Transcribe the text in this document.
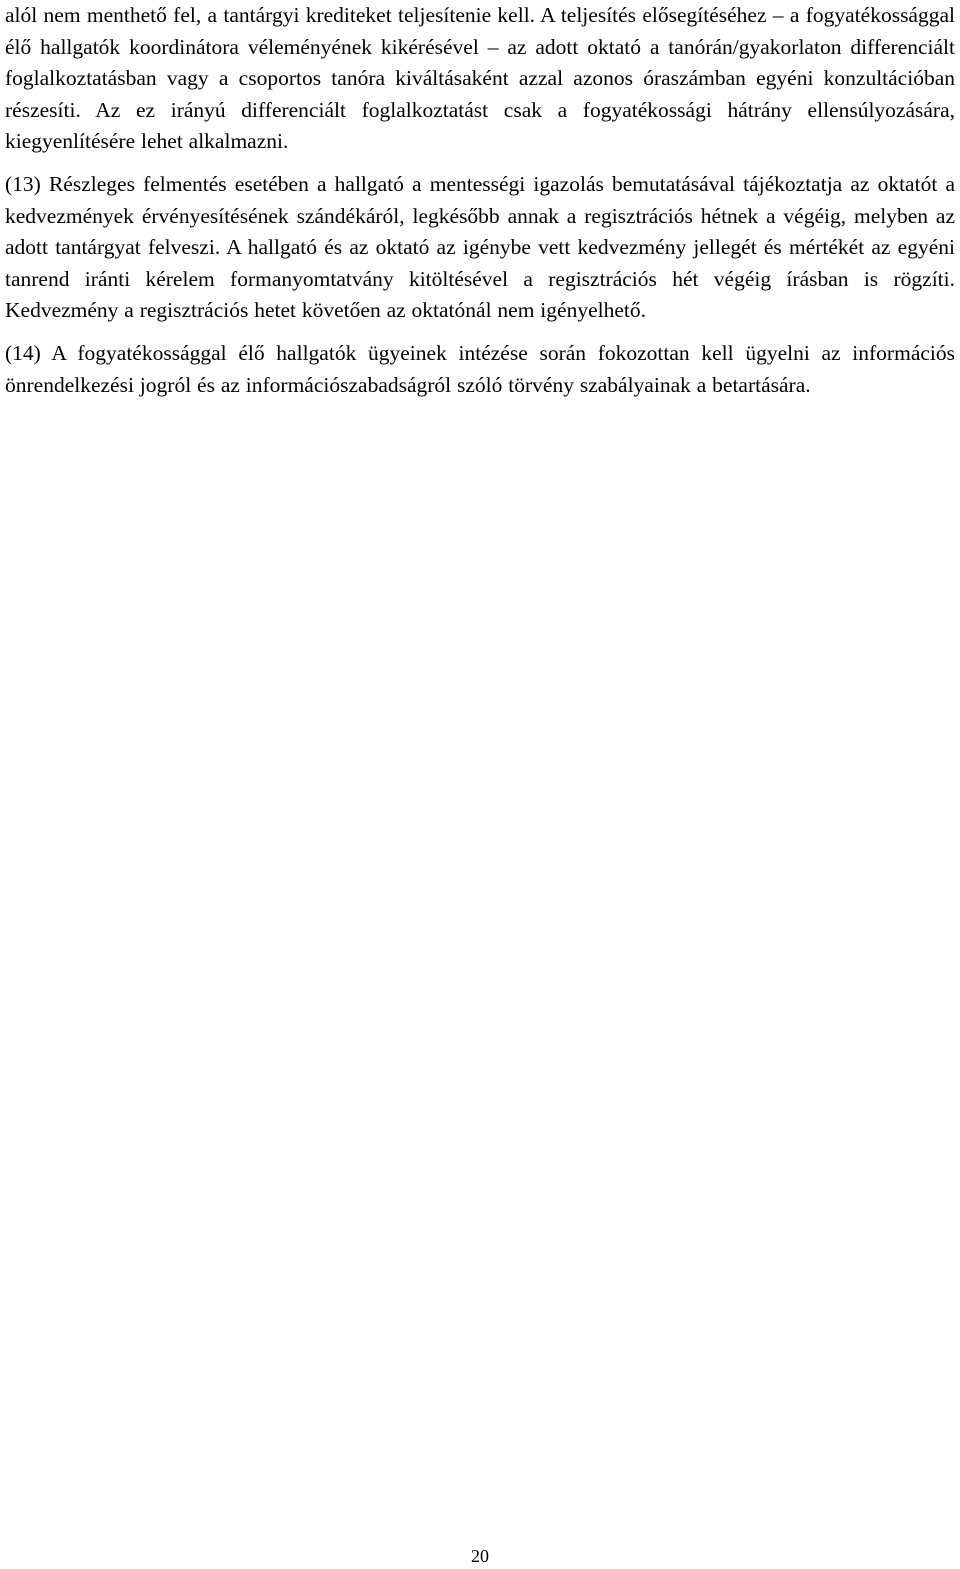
alól nem menthető fel, a tantárgyi krediteket teljesítenie kell. A teljesítés elősegítéséhez – a fogyatékossággal élő hallgatók koordinátora véleményének kikérésével – az adott oktató a tanórán/gyakorlaton differenciált foglalkoztatásban vagy a csoportos tanóra kiváltásaként azzal azonos óraszámban egyéni konzultációban részesíti. Az ez irányú differenciált foglalkoztatást csak a fogyatékossági hátrány ellensúlyozására, kiegyenlítésére lehet alkalmazni.

(13) Részleges felmentés esetében a hallgató a mentességi igazolás bemutatásával tájékoztatja az oktatót a kedvezmények érvényesítésének szándékáról, legkésőbb annak a regisztrációs hétnek a végéig, melyben az adott tantárgyat felveszi. A hallgató és az oktató az igénybe vett kedvezmény jellegét és mértékét az egyéni tanrend iránti kérelem formanyomtatvány kitöltésével a regisztrációs hét végéig írásban is rögzíti. Kedvezmény a regisztrációs hetet követően az oktatónál nem igényelhető.

(14) A fogyatékossággal élő hallgatók ügyeinek intézése során fokozottan kell ügyelni az információs önrendelkezési jogról és az információszabadságról szóló törvény szabályainak a betartására.

20
